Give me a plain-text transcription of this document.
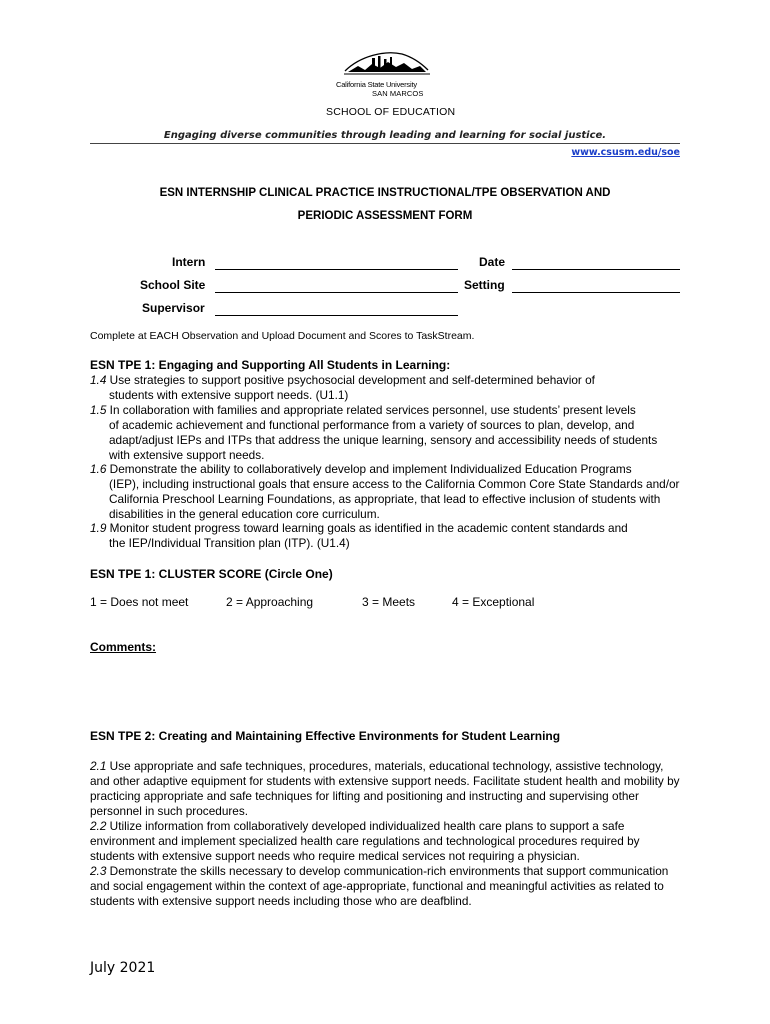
California State University
SAN MARCOS
SCHOOL OF EDUCATION
Engaging diverse communities through leading and learning for social justice.
www.csusm.edu/soe
ESN INTERNSHIP CLINICAL PRACTICE INSTRUCTIONAL/TPE OBSERVATION AND
PERIODIC ASSESSMENT FORM
Intern	Date
School Site	Setting
Supervisor
Complete at EACH Observation and Upload Document and Scores to TaskStream.
ESN TPE 1: Engaging and Supporting All Students in Learning:
1.4 Use strategies to support positive psychosocial development and self-determined behavior of
students with extensive support needs. (U1.1)
1.5 In collaboration with families and appropriate related services personnel, use students’ present levels
of academic achievement and functional performance from a variety of sources to plan, develop, and adapt/adjust IEPs and ITPs that address the unique learning, sensory and accessibility needs of students with extensive support needs.
1.6 Demonstrate the ability to collaboratively develop and implement Individualized Education Programs
(IEP), including instructional goals that ensure access to the California Common Core State Standards and/or California Preschool Learning Foundations, as appropriate, that lead to effective inclusion of students with disabilities in the general education core curriculum.
1.9 Monitor student progress toward learning goals as identified in the academic content standards and
the IEP/Individual Transition plan (ITP). (U1.4)
ESN TPE 1: CLUSTER SCORE (Circle One)
1 = Does not meet	2 = Approaching	3 = Meets	4 = Exceptional
Comments:
ESN TPE 2: Creating and Maintaining Effective Environments for Student Learning
2.1 Use appropriate and safe techniques, procedures, materials, educational technology, assistive technology, and other adaptive equipment for students with extensive support needs. Facilitate student health and mobility by practicing appropriate and safe techniques for lifting and positioning and instructing and supervising other personnel in such procedures.
2.2 Utilize information from collaboratively developed individualized health care plans to support a safe environment and implement specialized health care regulations and technological procedures required by students with extensive support needs who require medical services not requiring a physician.
2.3 Demonstrate the skills necessary to develop communication-rich environments that support communication and social engagement within the context of age-appropriate, functional and meaningful activities as related to students with extensive support needs including those who are deafblind.
July 2021
